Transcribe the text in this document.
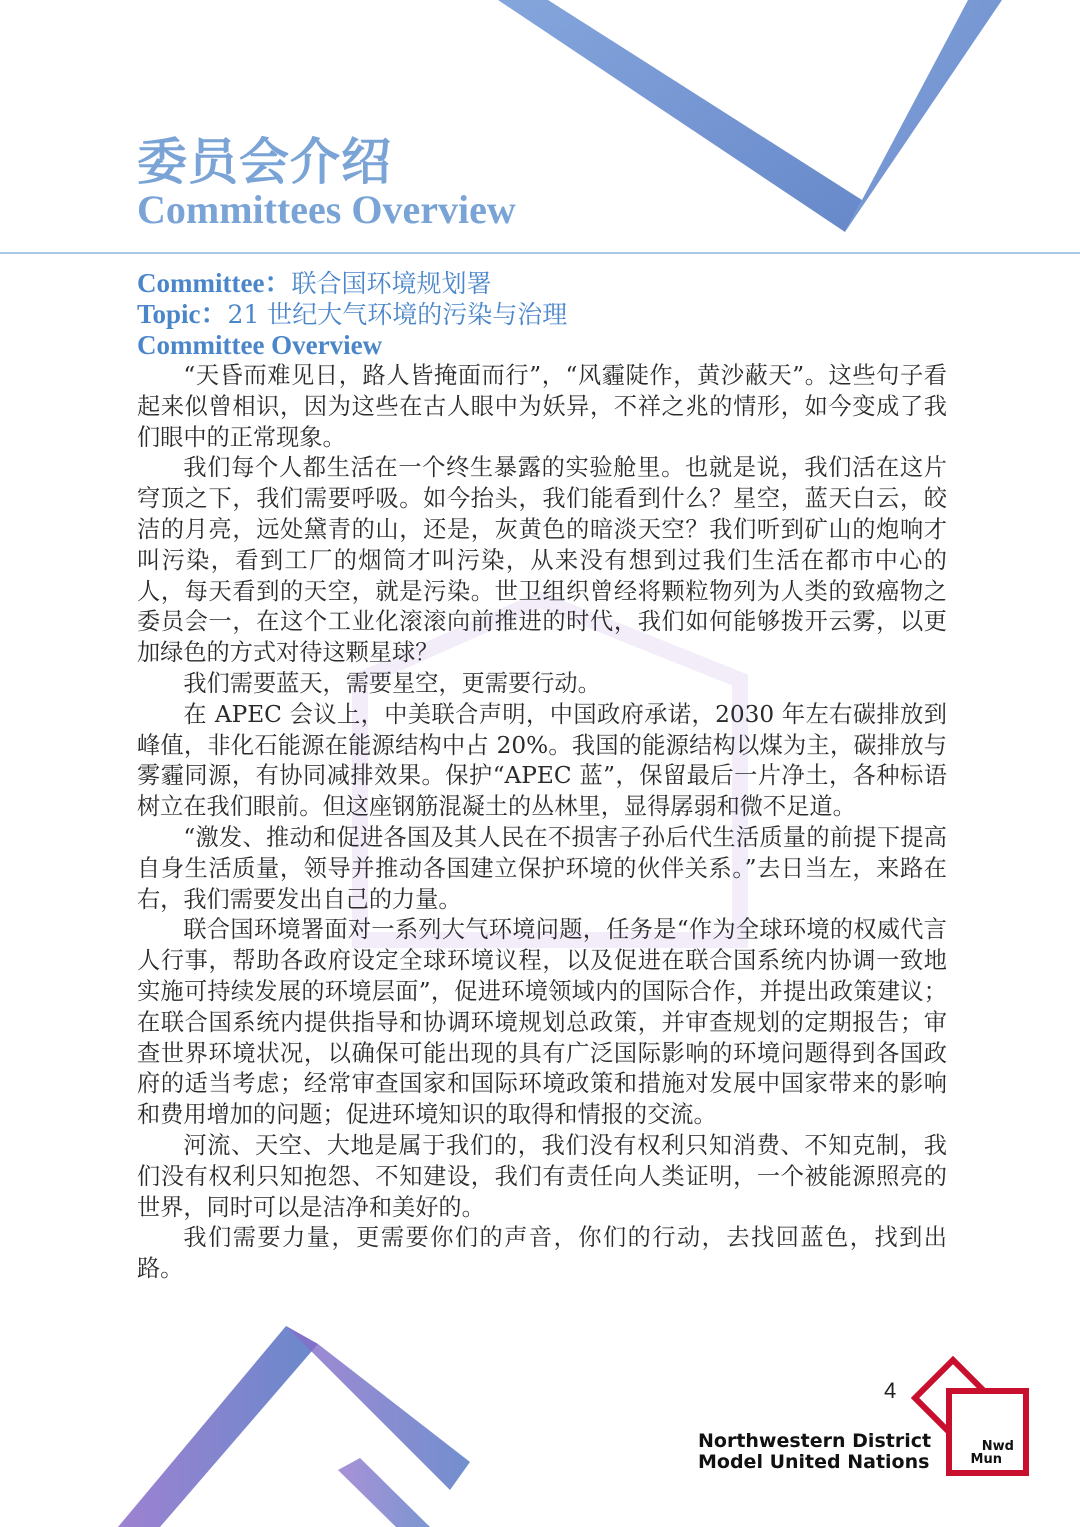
委员会介绍
Committees Overview
Committee：联合国环境规划署
Topic：21 世纪大气环境的污染与治理
Committee Overview

“天昏而难见日，路人皆掩面而行”，“风霾陡作，黄沙蔽天”。这些句子看起来似曾相识，因为这些在古人眼中为妖异，不祥之兆的情形，如今变成了我们眼中的正常现象。

我们每个人都生活在一个终生暴露的实验舱里。也就是说，我们活在这片穹顶之下，我们需要呼吸。如今抬头，我们能看到什么？星空，蓝天白云，皎洁的月亮，远处黛青的山，还是，灰黄色的暗淡天空？我们听到矿山的炮响才叫污染，看到工厂的烟筒才叫污染，从来没有想到过我们生活在都市中心的人，每天看到的天空，就是污染。世卫组织曾经将颗粒物列为人类的致癌物之委员会一，在这个工业化滚滚向前推进的时代，我们如何能够拨开云雾，以更加绿色的方式对待这颗星球？

我们需要蓝天，需要星空，更需要行动。

在 APEC 会议上，中美联合声明，中国政府承诺，2030 年左右碳排放到峰值，非化石能源在能源结构中占 20%。我国的能源结构以煤为主，碳排放与雾霾同源，有协同减排效果。保护“APEC 蓝”，保留最后一片净土，各种标语树立在我们眼前。但这座钢筋混凝土的丛林里，显得孱弱和微不足道。

“激发、推动和促进各国及其人民在不损害子孙后代生活质量的前提下提高自身生活质量，领导并推动各国建立保护环境的伙伴关系。”去日当左，来路在右，我们需要发出自己的力量。

联合国环境署面对一系列大气环境问题，任务是“作为全球环境的权威代言人行事，帮助各政府设定全球环境议程，以及促进在联合国系统内协调一致地实施可持续发展的环境层面”，促进环境领域内的国际合作，并提出政策建议；在联合国系统内提供指导和协调环境规划总政策，并审查规划的定期报告；审查世界环境状况，以确保可能出现的具有广泛国际影响的环境问题得到各国政府的适当考虑；经常审查国家和国际环境政策和措施对发展中国家带来的影响和费用增加的问题；促进环境知识的取得和情报的交流。

河流、天空、大地是属于我们的，我们没有权利只知消费、不知克制，我们没有权利只知抱怨、不知建设，我们有责任向人类证明，一个被能源照亮的世界，同时可以是洁净和美好的。

我们需要力量，更需要你们的声音，你们的行动，去找回蓝色，找到出路。

4
Northwestern District
Model United Nations
Nwd
Mun
